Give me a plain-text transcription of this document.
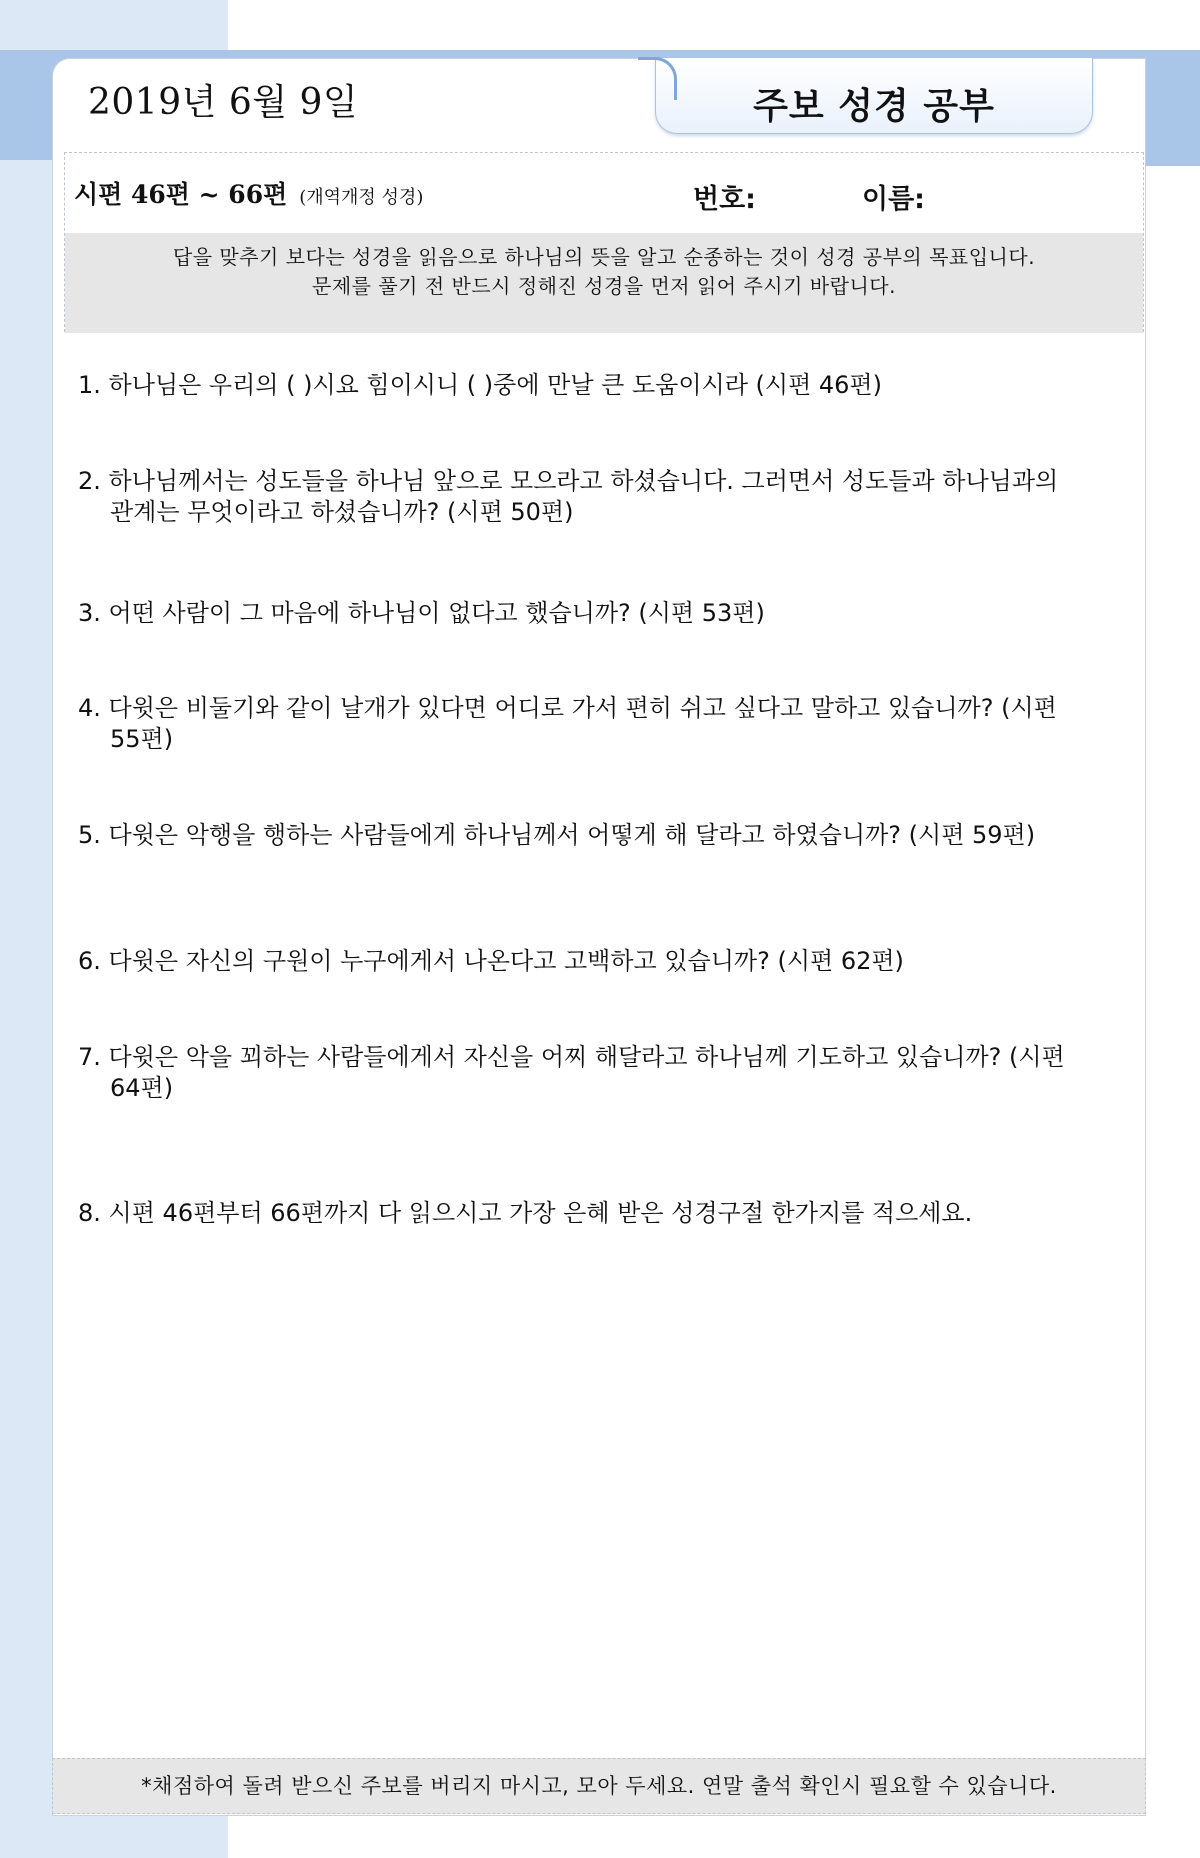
2019년 6월 9일	주보 성경 공부
시편 46편 ~ 66편 (개역개정 성경)	번호:	이름:
답을 맞추기 보다는 성경을 읽음으로 하나님의 뜻을 알고 순종하는 것이 성경 공부의 목표입니다.
문제를 풀기 전 반드시 정해진 성경을 먼저 읽어 주시기 바랍니다.
1. 하나님은 우리의 ( )시요 힘이시니 ( )중에 만날 큰 도움이시라 (시편 46편)
2. 하나님께서는 성도들을 하나님 앞으로 모으라고 하셨습니다. 그러면서 성도들과 하나님과의 관계는 무엇이라고 하셨습니까? (시편 50편)
3. 어떤 사람이 그 마음에 하나님이 없다고 했습니까? (시편 53편)
4. 다윗은 비둘기와 같이 날개가 있다면 어디로 가서 편히 쉬고 싶다고 말하고 있습니까? (시편 55편)
5. 다윗은 악행을 행하는 사람들에게 하나님께서 어떻게 해 달라고 하였습니까? (시편 59편)
6. 다윗은 자신의 구원이 누구에게서 나온다고 고백하고 있습니까? (시편 62편)
7. 다윗은 악을 꾀하는 사람들에게서 자신을 어찌 해달라고 하나님께 기도하고 있습니까? (시편 64편)
8. 시편 46편부터 66편까지 다 읽으시고 가장 은혜 받은 성경구절 한가지를 적으세요.
*채점하여 돌려 받으신 주보를 버리지 마시고, 모아 두세요. 연말 출석 확인시 필요할 수 있습니다.
